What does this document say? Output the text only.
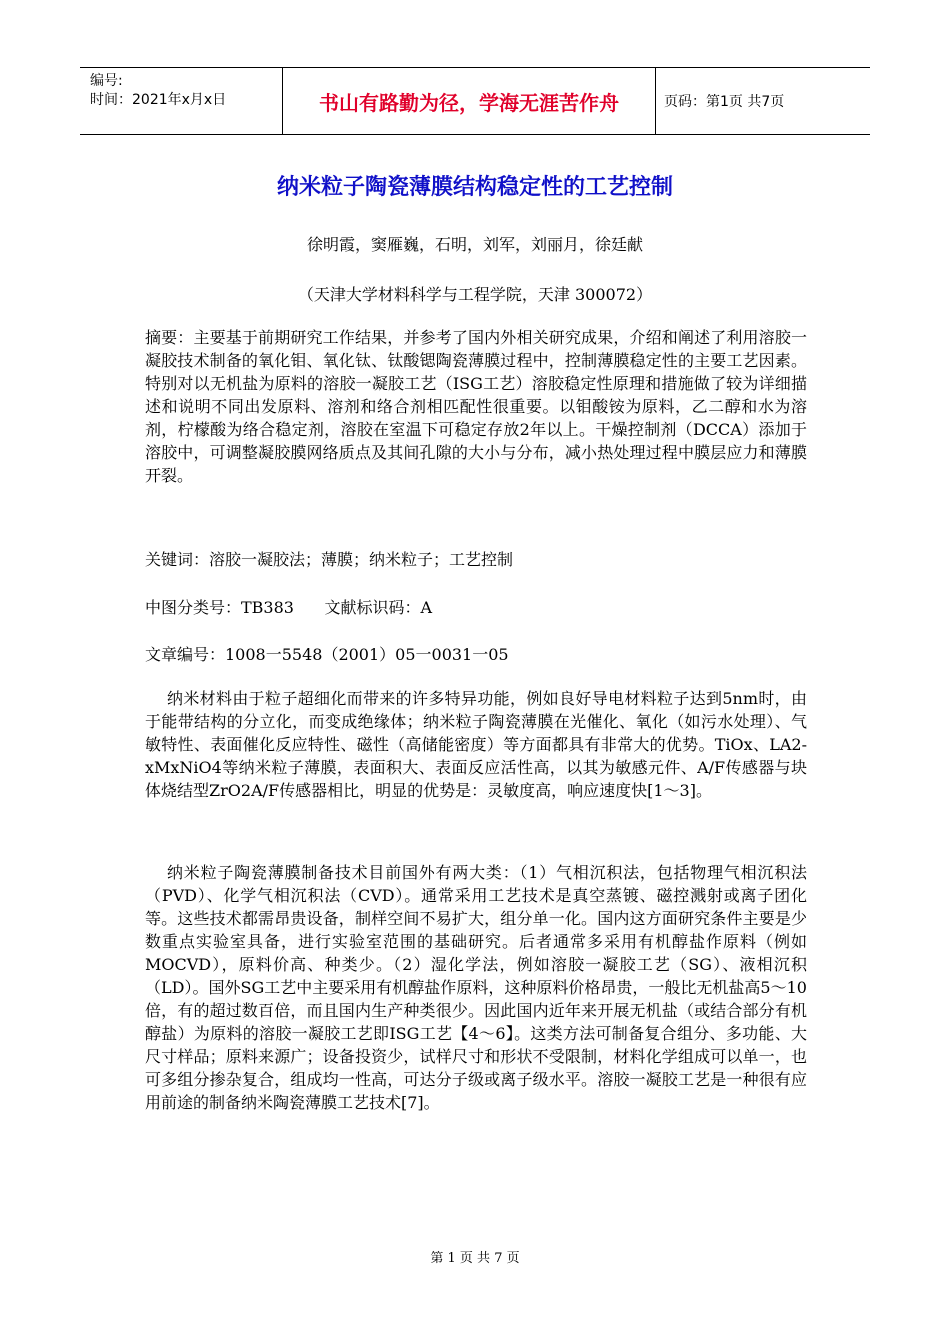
编号:
时间：2021年x月x日	书山有路勤为径，学海无涯苦作舟	页码：第1页 共7页
纳米粒子陶瓷薄膜结构稳定性的工艺控制
徐明霞，窦雁巍，石明，刘军，刘丽月，徐廷献
（天津大学材料科学与工程学院，天津 300072）

摘要：主要基于前期研究工作结果，并参考了国内外相关研究成果，介绍和阐述了利用溶胶一凝胶技术制备的氧化钼、氧化钛、钛酸锶陶瓷薄膜过程中，控制薄膜稳定性的主要工艺因素。特别对以无机盐为原料的溶胶一凝胶工艺（ISG工艺）溶胶稳定性原理和措施做了较为详细描述和说明不同出发原料、溶剂和络合剂相匹配性很重要。以钼酸铵为原料，乙二醇和水为溶剂，柠檬酸为络合稳定剂，溶胶在室温下可稳定存放2年以上。干燥控制剂（DCCA）添加于溶胶中，可调整凝胶膜网络质点及其间孔隙的大小与分布，减小热处理过程中膜层应力和薄膜开裂。

关键词：溶胶一凝胶法；薄膜；纳米粒子；工艺控制

中图分类号：TB383      文献标识码：A

文章编号：1008一5548（2001）05一0031一05

纳米材料由于粒子超细化而带来的许多特异功能，例如良好导电材料粒子达到5nm时，由于能带结构的分立化，而变成绝缘体；纳米粒子陶瓷薄膜在光催化、氧化（如污水处理）、气敏特性、表面催化反应特性、磁性（高储能密度）等方面都具有非常大的优势。TiOx、LA2-xMxNiO4等纳米粒子薄膜，表面积大、表面反应活性高，以其为敏感元件、A/F传感器与块体烧结型ZrO2A/F传感器相比，明显的优势是：灵敏度高，响应速度快[1～3]。

纳米粒子陶瓷薄膜制备技术目前国外有两大类：（1）气相沉积法，包括物理气相沉积法（PVD）、化学气相沉积法（CVD）。通常采用工艺技术是真空蒸镀、磁控溅射或离子团化等。这些技术都需昂贵设备，制样空间不易扩大，组分单一化。国内这方面研究条件主要是少数重点实验室具备，进行实验室范围的基础研究。后者通常多采用有机醇盐作原料（例如MOCVD），原料价高、种类少。（2）湿化学法，例如溶胶一凝胶工艺（SG）、液相沉积（LD）。国外SG工艺中主要采用有机醇盐作原料，这种原料价格昂贵，一般比无机盐高5～10倍，有的超过数百倍，而且国内生产种类很少。因此国内近年来开展无机盐（或结合部分有机醇盐）为原料的溶胶一凝胶工艺即ISG工艺【4～6】。这类方法可制备复合组分、多功能、大尺寸样品；原料来源广；设备投资少，试样尺寸和形状不受限制，材料化学组成可以单一，也可多组分掺杂复合，组成均一性高，可达分子级或离子级水平。溶胶一凝胶工艺是一种很有应用前途的制备纳米陶瓷薄膜工艺技术[7]。

第 1 页 共 7 页
